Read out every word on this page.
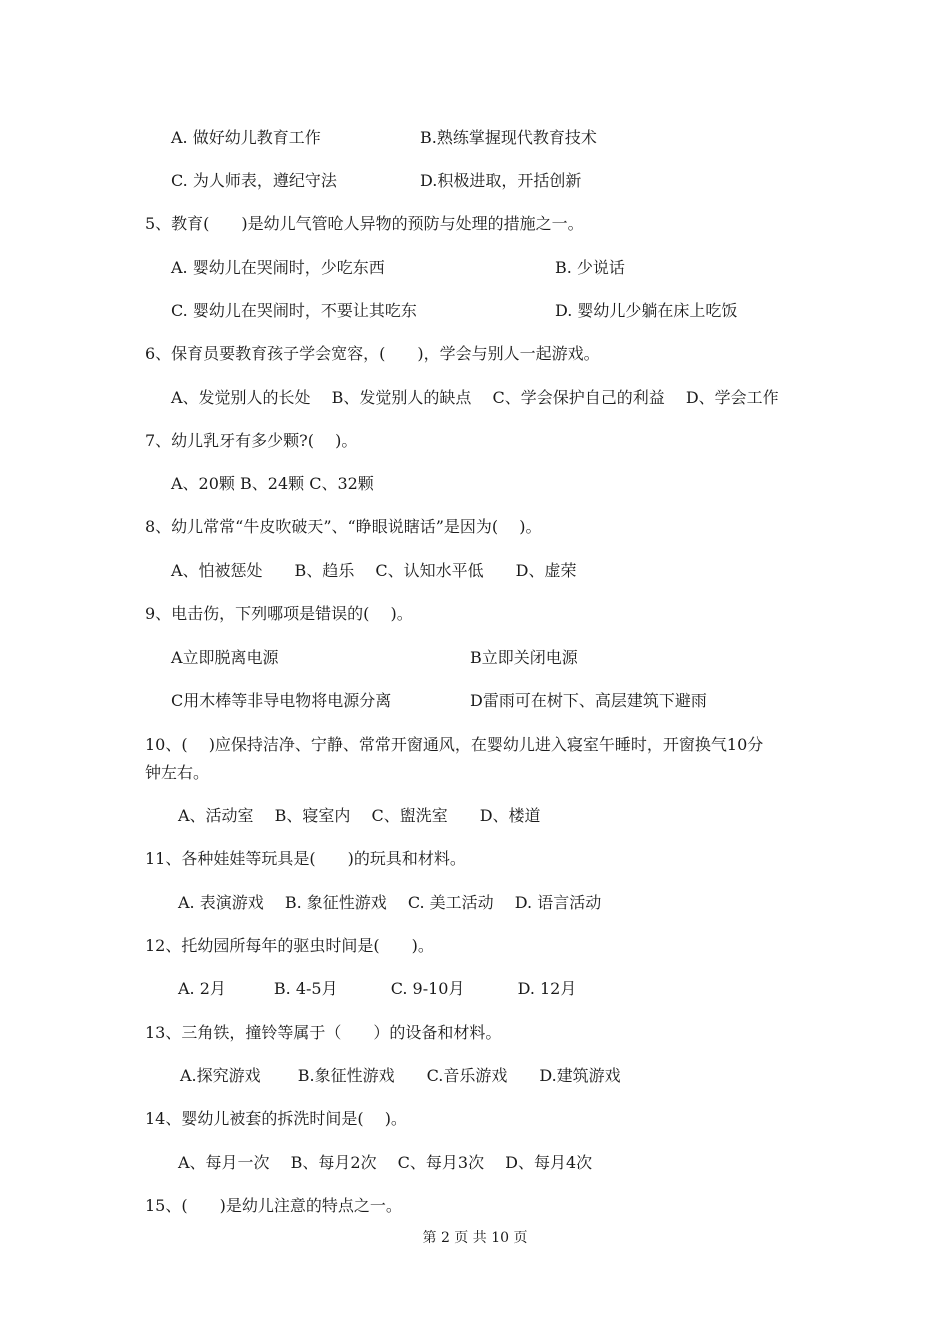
A. 做好幼儿教育工作	B.熟练掌握现代教育技术
C. 为人师表，遵纪守法	D.积极进取，开括创新
5、教育(　　)是幼儿气管呛人异物的预防与处理的措施之一。
A. 婴幼儿在哭闹时，少吃东西	B. 少说话
C. 婴幼儿在哭闹时，不要让其吃东	D. 婴幼儿少躺在床上吃饭
6、保育员要教育孩子学会宽容，(　　)，学会与别人一起游戏。
A、发觉别人的长处　 B、发觉别人的缺点　 C、学会保护自己的利益　 D、学会工作
7、幼儿乳牙有多少颗?(　 )。
A、20颗 B、24颗 C、32颗
8、幼儿常常“牛皮吹破天”、“睁眼说瞎话”是因为(　 )。
A、怕被惩处　　B、趋乐　 C、认知水平低　　D、虚荣
9、电击伤，下列哪项是错误的(　 )。
A立即脱离电源	B立即关闭电源
C用木棒等非导电物将电源分离	D雷雨可在树下、高层建筑下避雨
10、(　 )应保持洁净、宁静、常常开窗通风，在婴幼儿进入寝室午睡时，开窗换气10分
钟左右。
A、活动室　 B、寝室内　 C、盥洗室　　D、楼道
11、各种娃娃等玩具是(　　)的玩具和材料。
A. 表演游戏　 B. 象征性游戏　 C. 美工活动　 D. 语言活动
12、托幼园所每年的驱虫时间是(　　)。
A. 2月　　　B. 4-5月　　　 C. 9-10月　　　 D. 12月
13、三角铁，撞铃等属于（　　）的设备和材料。
A.探究游戏　　 B.象征性游戏　　C.音乐游戏　　D.建筑游戏
14、婴幼儿被套的拆洗时间是(　 )。
A、每月一次　 B、每月2次　 C、每月3次　 D、每月4次
15、(　　)是幼儿注意的特点之一。
第 2 页 共 10 页
